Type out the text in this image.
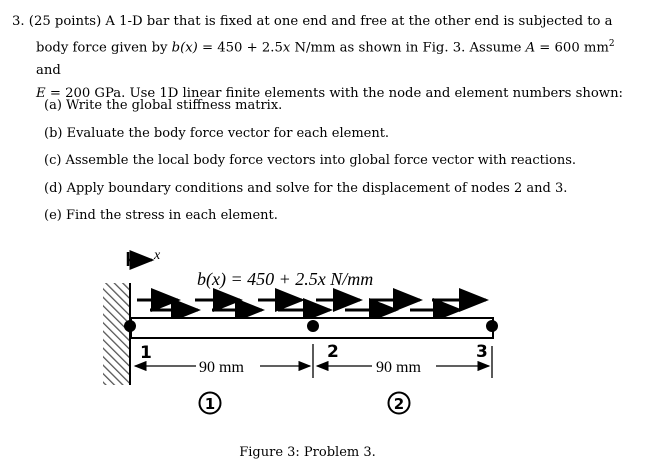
3. (25 points) A 1-D bar that is fixed at one end and free at the other end is subjected to a

body force given by b(x) = 450 + 2.5x N/mm as shown in Fig. 3. Assume A = 600 $mm^2$ and

E = 200 GPa. Use 1D linear finite elements with the node and element numbers shown:

(a) Write the global stiffness matrix.
(b) Evaluate the body force vector for each element.
(c) Assemble the local body force vectors into global force vector with reactions.
(d) Apply boundary conditions and solve for the displacement of nodes 2 and 3.
(e) Find the stress in each element.
x
b(x) = 450 + 2.5x N/mm
1	2	3
90 mm	90 mm
1	2
Figure 3: Problem 3.
